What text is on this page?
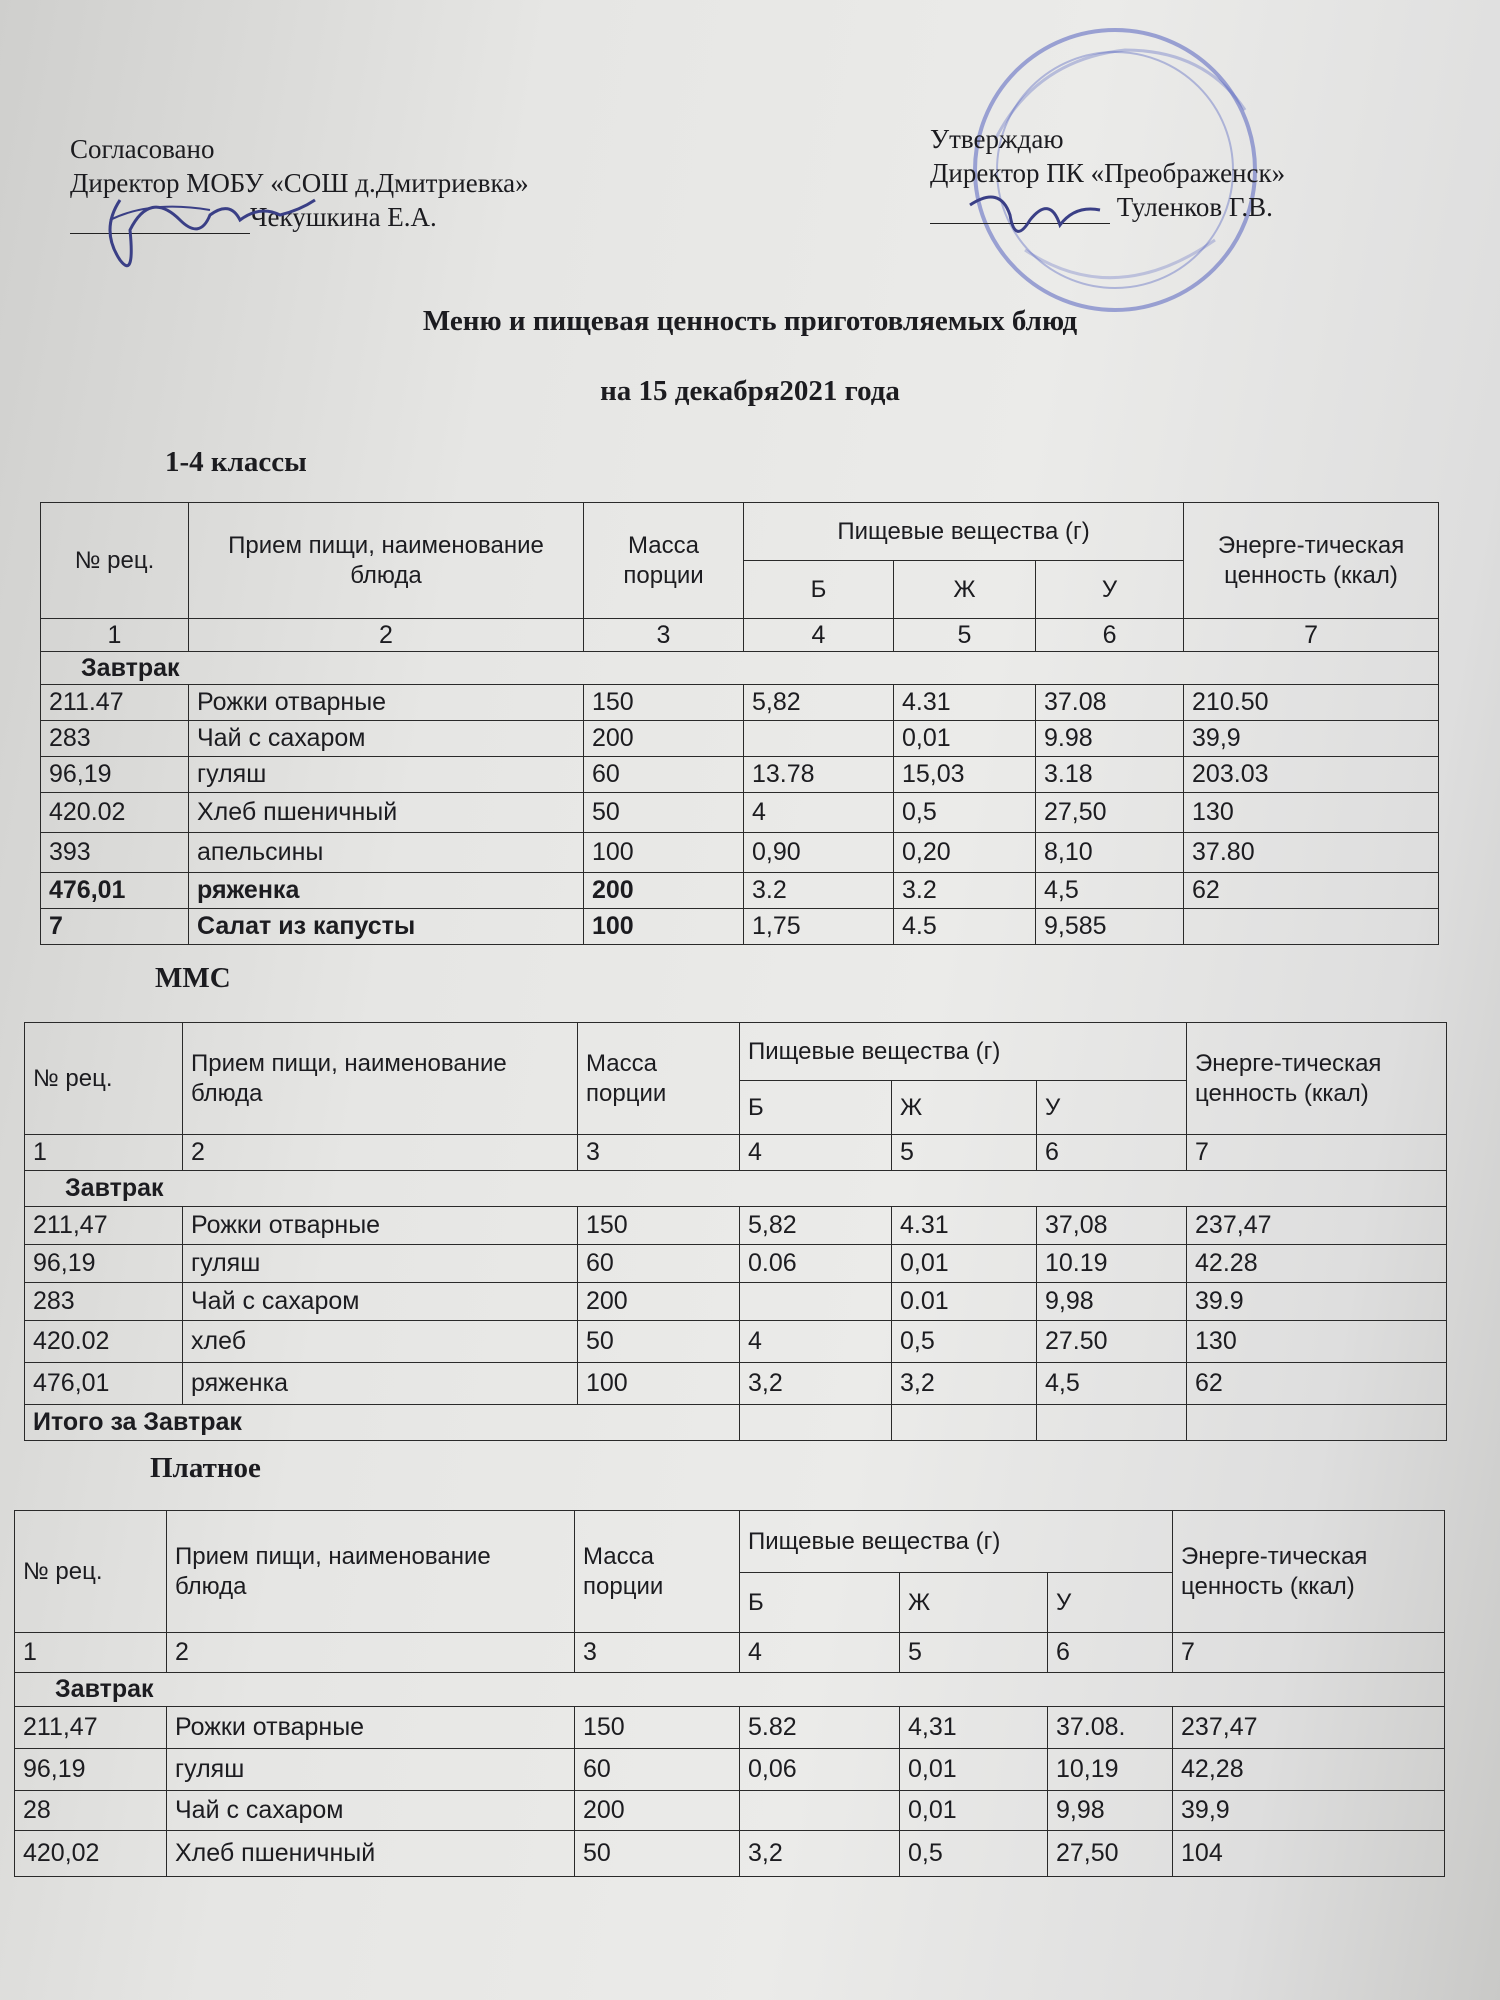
Согласовано
Директор МОБУ «СОШ д.Дмитриевка»
Чекушкина Е.А.
Утверждаю
Директор ПК «Преображенск»
Туленков Г.В.
Меню и пищевая ценность приготовляемых блюд
на 15 декабря2021 года
1-4 классы
№ рец.	Прием пищи, наименование блюда	Масса порции	Пищевые вещества (г)			Энерге-тическая ценность (ккал)
			Б	Ж	У	
1	2	3	4	5	6	7
Завтрак						
211.47	Рожки отварные	150	5,82	4.31	37.08	210.50
283	Чай с сахаром	200		0,01	9.98	39,9
96,19	гуляш	60	13.78	15,03	3.18	203.03
420.02	Хлеб пшеничный	50	4	0,5	27,50	130
393	апельсины	100	0,90	0,20	8,10	37.80
476,01	ряженка	200	3.2	3.2	4,5	62
7	Салат из капусты	100	1,75	4.5	9,585	
ММС
№ рец.	Прием пищи, наименование блюда	Масса порции	Пищевые вещества (г)			Энерге-тическая ценность (ккал)
			Б	Ж	У	
1	2	3	4	5	6	7
Завтрак						
211,47	Рожки отварные	150	5,82	4.31	37,08	237,47
96,19	гуляш	60	0.06	0,01	10.19	42.28
283	Чай с сахаром	200		0.01	9,98	39.9
420.02	хлеб	50	4	0,5	27.50	130
476,01	ряженка	100	3,2	3,2	4,5	62
Итого за Завтрак						
Платное
№ рец.	Прием пищи, наименование блюда	Масса порции	Пищевые вещества (г)			Энерге-тическая ценность (ккал)
			Б	Ж	У	
1	2	3	4	5	6	7
Завтрак						
211,47	Рожки отварные	150	5.82	4,31	37.08.	237,47
96,19	гуляш	60	0,06	0,01	10,19	42,28
28	Чай с сахаром	200		0,01	9,98	39,9
420,02	Хлеб пшеничный	50	3,2	0,5	27,50	104
